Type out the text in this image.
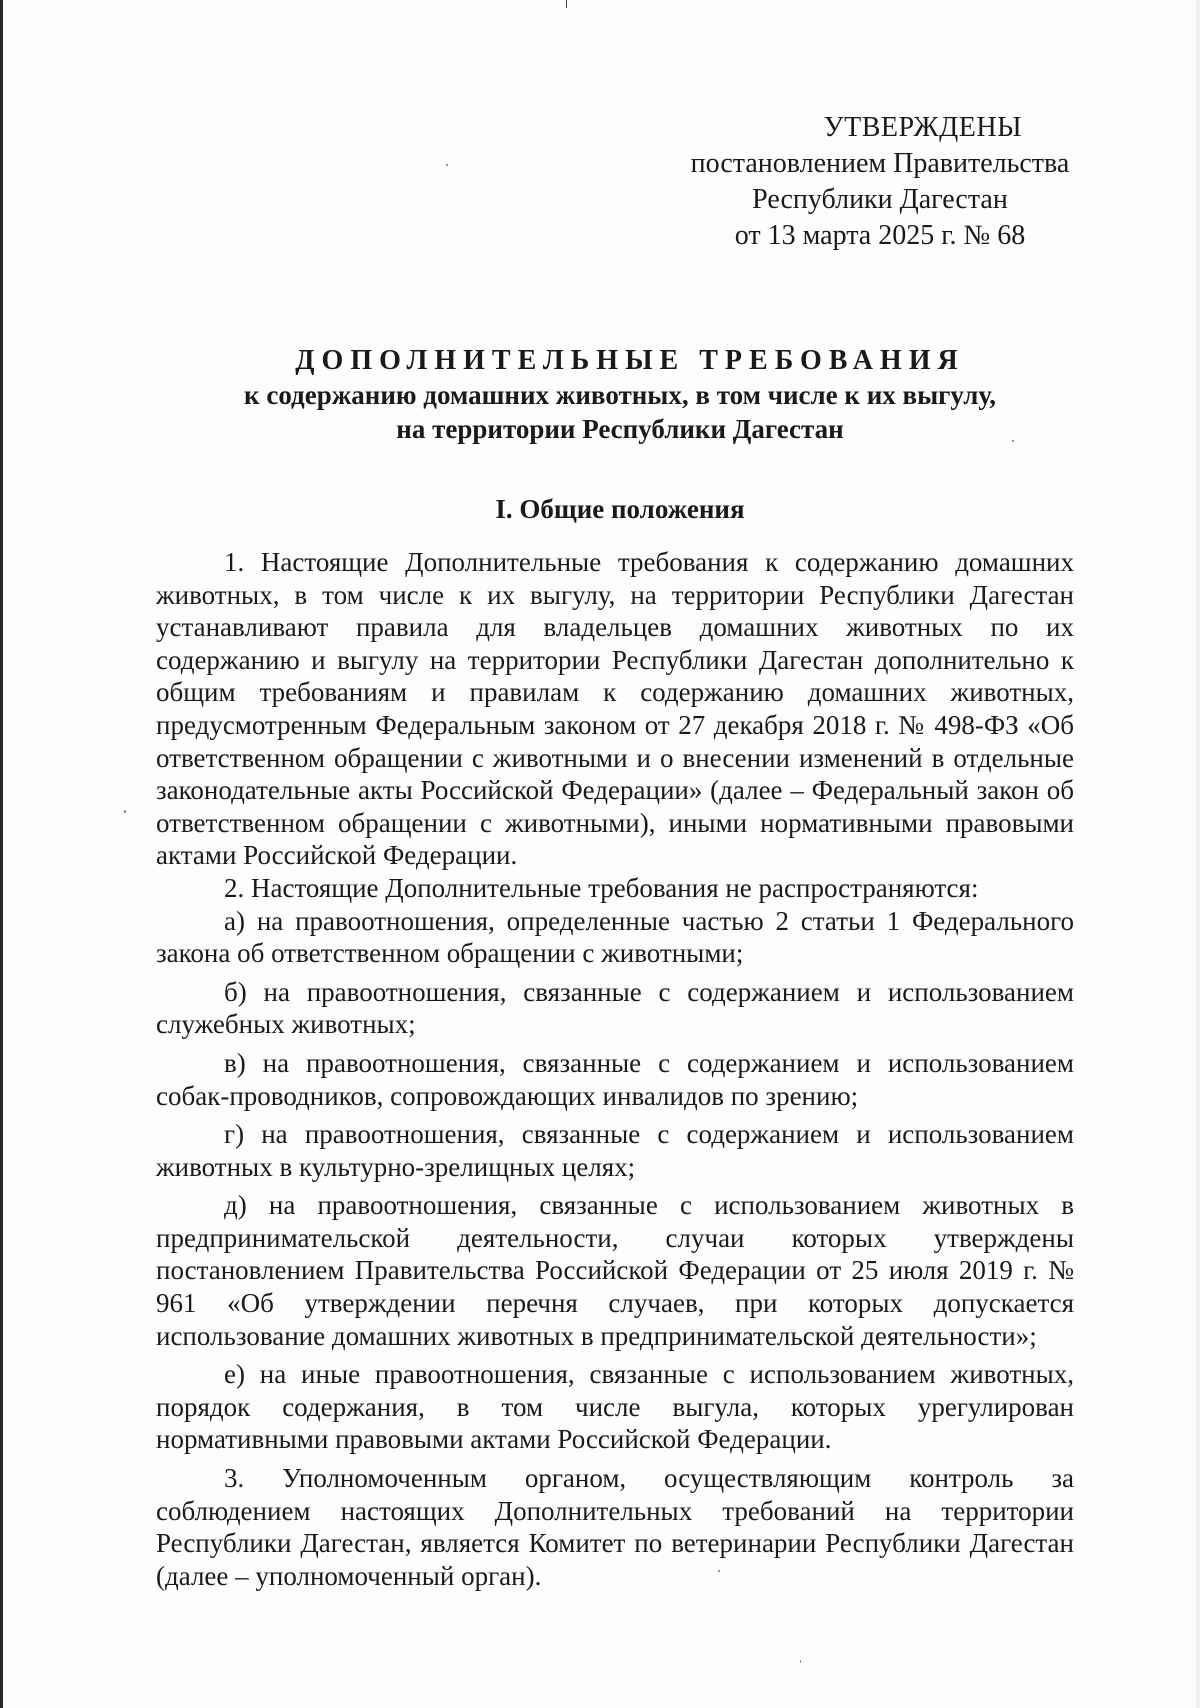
УТВЕРЖДЕНЫ
постановлением Правительства
Республики Дагестан
от 13 марта 2025 г. № 68
ДОПОЛНИТЕЛЬНЫЕ ТРЕБОВАНИЯ
к содержанию домашних животных, в том числе к их выгулу,
на территории Республики Дагестан
I. Общие положения

1. Настоящие Дополнительные требования к содержанию домашних животных, в том числе к их выгулу, на территории Республики Дагестан устанавливают правила для владельцев домашних животных по их содержанию и выгулу на территории Республики Дагестан дополнительно к общим требованиям и правилам к содержанию домашних животных, предусмотренным Федеральным законом от 27 декабря 2018 г. № 498-ФЗ «Об ответственном обращении с животными и о внесении изменений в отдельные законодательные акты Российской Федерации» (далее – Федеральный закон об ответственном обращении с животными), иными нормативными правовыми актами Российской Федерации.

2. Настоящие Дополнительные требования не распространяются:

а) на правоотношения, определенные частью 2 статьи 1 Федерального закона об ответственном обращении с животными;

б) на правоотношения, связанные с содержанием и использованием служебных животных;

в) на правоотношения, связанные с содержанием и использованием собак-проводников, сопровождающих инвалидов по зрению;

г) на правоотношения, связанные с содержанием и использованием животных в культурно-зрелищных целях;

д) на правоотношения, связанные с использованием животных в предпринимательской деятельности, случаи которых утверждены постановлением Правительства Российской Федерации от 25 июля 2019 г. № 961 «Об утверждении перечня случаев, при которых допускается использование домашних животных в предпринимательской деятельности»;

е) на иные правоотношения, связанные с использованием животных, порядок содержания, в том числе выгула, которых урегулирован нормативными правовыми актами Российской Федерации.

3. Уполномоченным органом, осуществляющим контроль за соблюдением настоящих Дополнительных требований на территории Республики Дагестан, является Комитет по ветеринарии Республики Дагестан (далее – уполномоченный орган).
